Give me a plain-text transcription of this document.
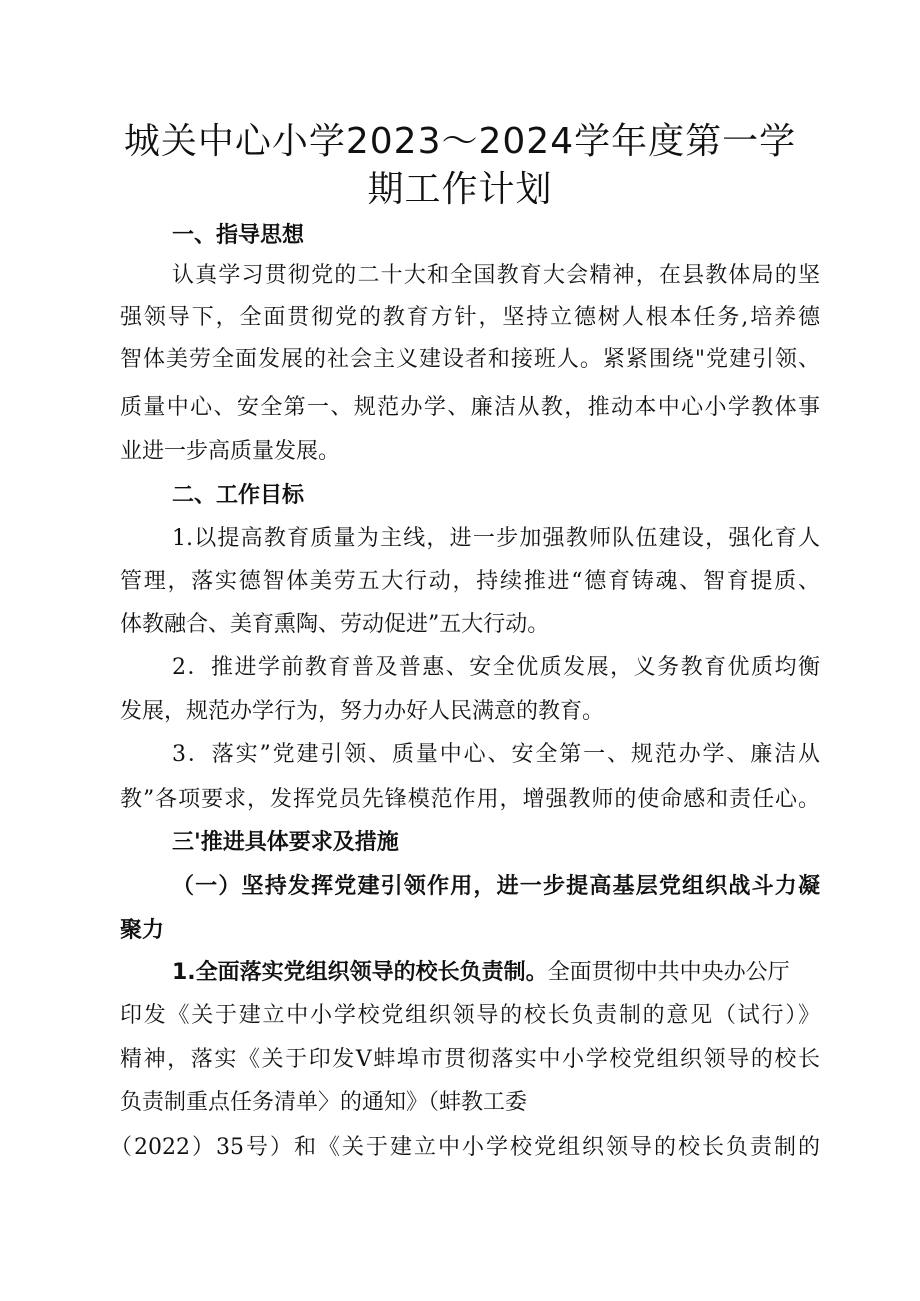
城关中心小学2023～2024学年度第一学期工作计划
一、指导思想
认真学习贯彻党的二十大和全国教育大会精神，在县教体局的坚
强领导下，全面贯彻党的教育方针，坚持立德树人根本任务,培养德
智体美劳全面发展的社会主义建设者和接班人。紧紧围绕"党建引领、
质量中心、安全第一、规范办学、廉洁从教，推动本中心小学教体事
业进一步高质量发展。
二、工作目标
1.以提高教育质量为主线，进一步加强教师队伍建设，强化育人
管理，落实德智体美劳五大行动，持续推进“德育铸魂、智育提质、
体教融合、美育熏陶、劳动促进”五大行动。
2．推进学前教育普及普惠、安全优质发展，义务教育优质均衡
发展，规范办学行为，努力办好人民满意的教育。
3．落实”党建引领、质量中心、安全第一、规范办学、廉洁从
教”各项要求，发挥党员先锋模范作用，增强教师的使命感和责任心。
三'推进具体要求及措施
（一）坚持发挥党建引领作用，进一步提高基层党组织战斗力凝
聚力
1.全面落实党组织领导的校长负责制。全面贯彻中共中央办公厅
印发《关于建立中小学校党组织领导的校长负责制的意见（试行）》
精神，落实《关于印发Ⅴ蚌埠市贯彻落实中小学校党组织领导的校长
负责制重点任务清单〉的通知》（蚌教工委
（2022）35号）和《关于建立中小学校党组织领导的校长负责制的
